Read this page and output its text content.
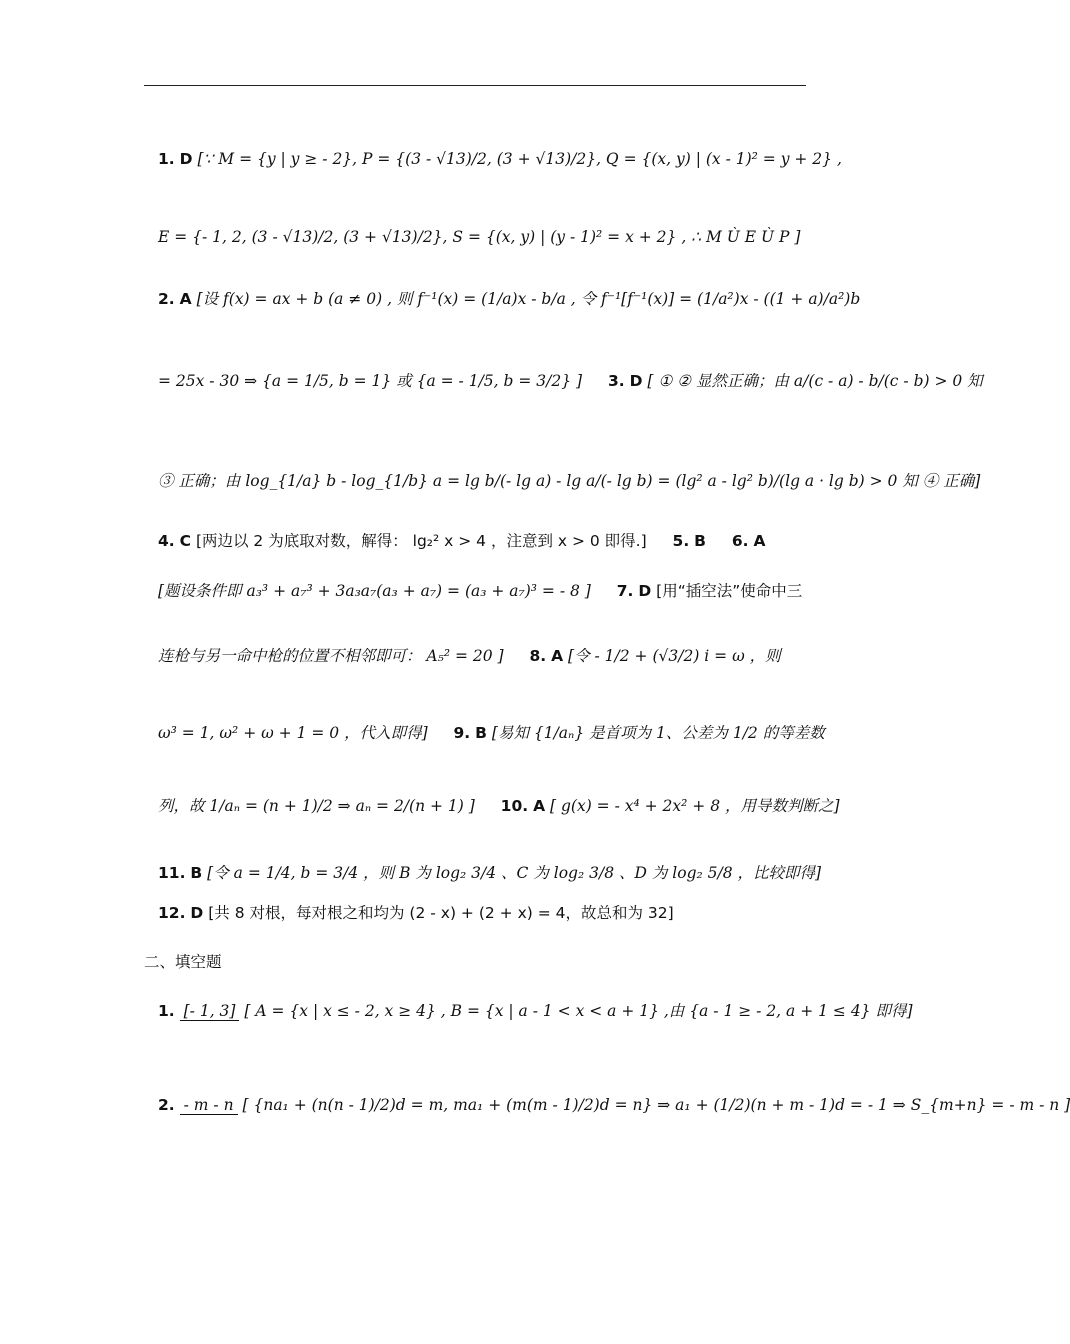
1. D [∵ M = {y | y ≥ - 2}, P = {(3 - √13)/2, (3 + √13)/2}, Q = {(x, y) | (x - 1)² = y + 2} ,
E = {- 1, 2, (3 - √13)/2, (3 + √13)/2}, S = {(x, y) | (y - 1)² = x + 2} , ∴ M Ù E Ù P ]
2. A [设 f(x) = ax + b (a ≠ 0) , 则 f⁻¹(x) = (1/a)x - b/a , 令 f⁻¹[f⁻¹(x)] = (1/a²)x - ((1 + a)/a²)b
= 25x - 30 ⇒ {a = 1/5, b = 1} 或 {a = - 1/5, b = 3/2} ] 3. D [ ① ② 显然正确；由 a/(c - a) - b/(c - b) > 0 知
③ 正确；由 log_{1/a} b - log_{1/b} a = lg b/(- lg a) - lg a/(- lg b) = (lg² a - lg² b)/(lg a · lg b) > 0 知 ④ 正确]
4. C [两边以 2 为底取对数，解得： lg₂² x > 4 ，注意到 x > 0 即得.] 5. B 6. A
[题设条件即 a₃³ + a₇³ + 3a₃a₇(a₃ + a₇) = (a₃ + a₇)³ = - 8 ] 7. D [用“插空法”使命中三
连枪与另一命中枪的位置不相邻即可： A₅² = 20 ] 8. A [令 - 1/2 + (√3/2) i = ω ，则
ω³ = 1, ω² + ω + 1 = 0 ，代入即得] 9. B [易知 {1/aₙ} 是首项为 1、公差为 1/2 的等差数
列，故 1/aₙ = (n + 1)/2 ⇒ aₙ = 2/(n + 1) ] 10. A [ g(x) = - x⁴ + 2x² + 8 ，用导数判断之]
11. B [令 a = 1/4, b = 3/4 ，则 B 为 log₂ 3/4 、C 为 log₂ 3/8 、D 为 log₂ 5/8 ，比较即得]
12. D [共 8 对根，每对根之和均为 (2 - x) + (2 + x) = 4，故总和为 32]
二、填空题
1. [- 1, 3] [ A = {x | x ≤ - 2, x ≥ 4} , B = {x | a - 1 < x < a + 1} ,由 {a - 1 ≥ - 2, a + 1 ≤ 4} 即得]
2. - m - n [ {na₁ + (n(n - 1)/2)d = m, ma₁ + (m(m - 1)/2)d = n} ⇒ a₁ + (1/2)(n + m - 1)d = - 1 ⇒ S_{m+n} = - m - n ]
